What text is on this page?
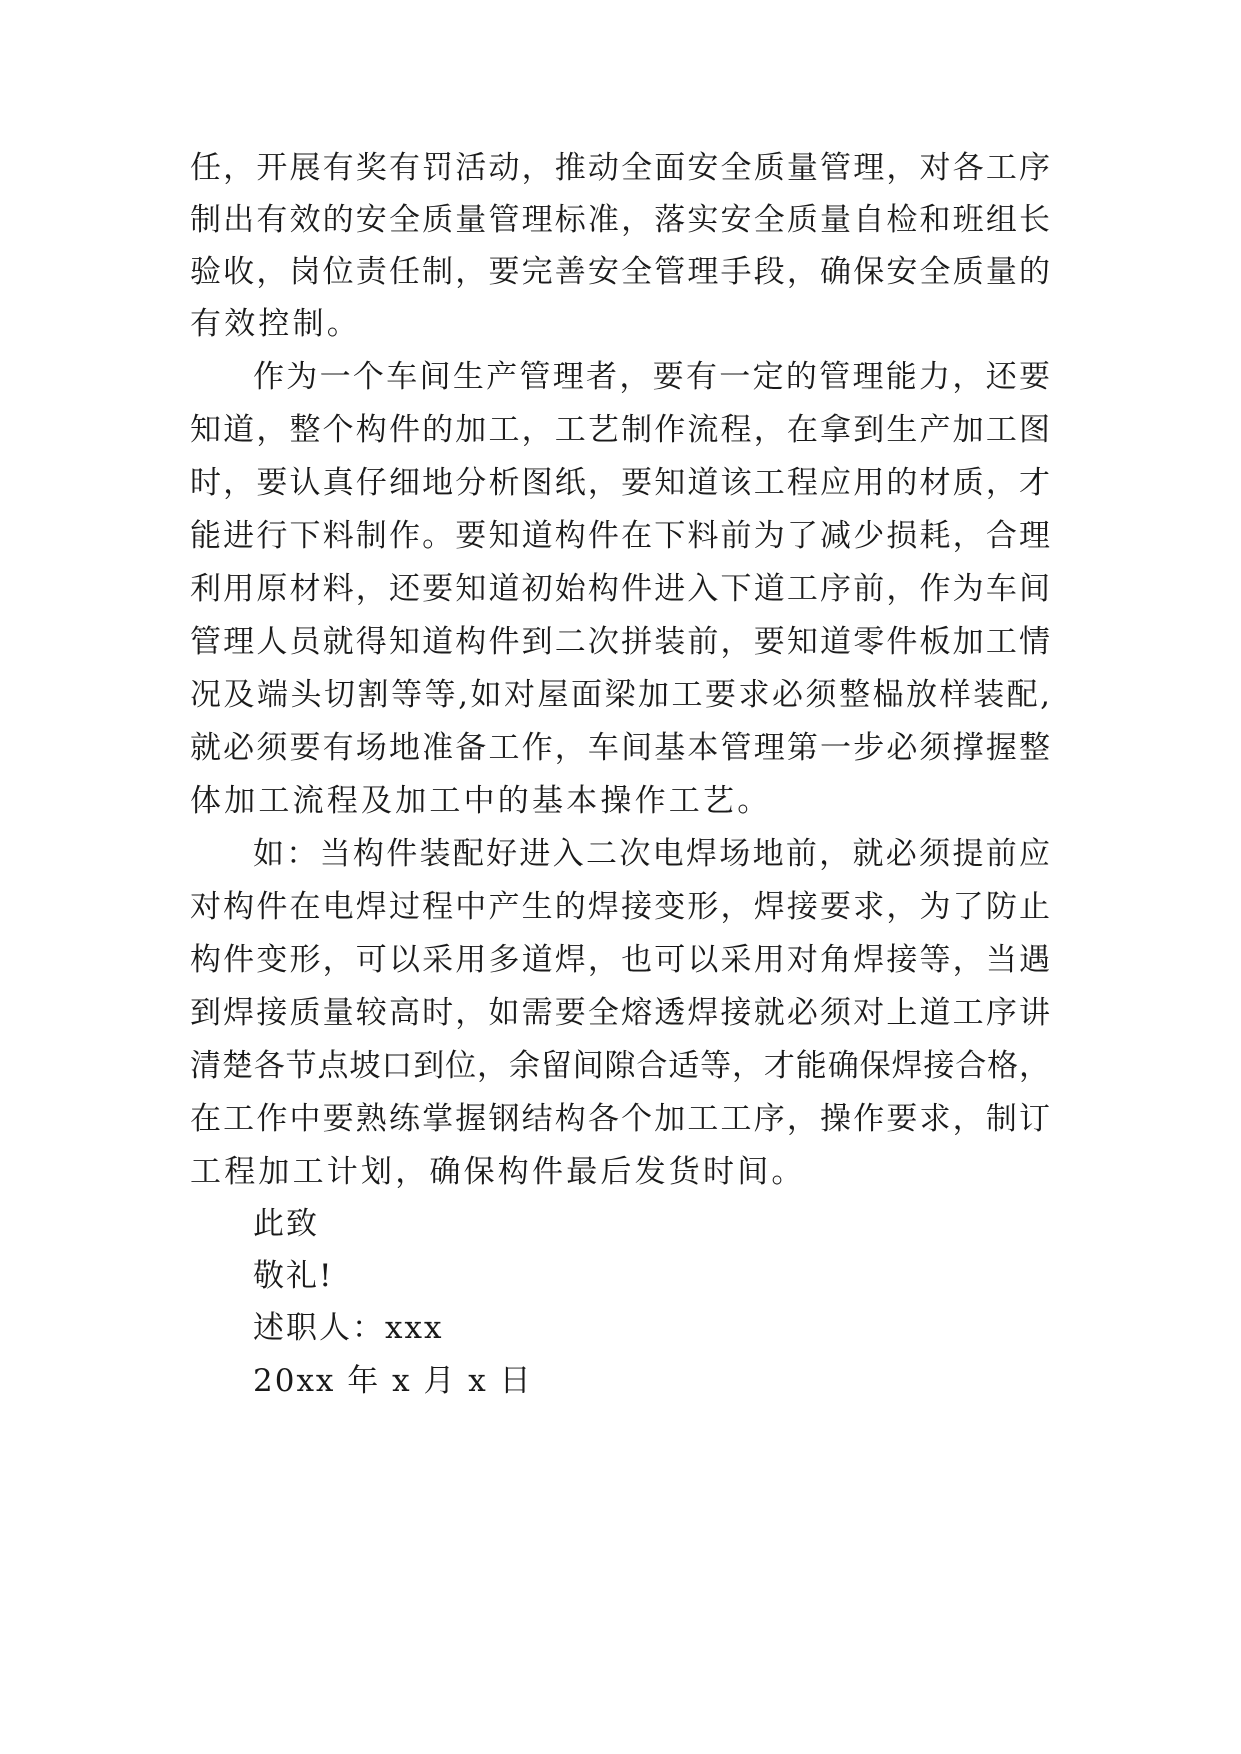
任，开展有奖有罚活动，推动全面安全质量管理，对各工序
制出有效的安全质量管理标准，落实安全质量自检和班组长
验收，岗位责任制，要完善安全管理手段，确保安全质量的
有效控制。
作为一个车间生产管理者，要有一定的管理能力，还要
知道，整个构件的加工，工艺制作流程，在拿到生产加工图
时，要认真仔细地分析图纸，要知道该工程应用的材质，才
能进行下料制作。要知道构件在下料前为了减少损耗，合理
利用原材料，还要知道初始构件进入下道工序前，作为车间
管理人员就得知道构件到二次拼装前，要知道零件板加工情
况及端头切割等等,如对屋面梁加工要求必须整榀放样装配,
就必须要有场地准备工作，车间基本管理第一步必须撑握整
体加工流程及加工中的基本操作工艺。
如：当构件装配好进入二次电焊场地前，就必须提前应
对构件在电焊过程中产生的焊接变形，焊接要求，为了防止
构件变形，可以采用多道焊，也可以采用对角焊接等，当遇
到焊接质量较高时，如需要全熔透焊接就必须对上道工序讲
清楚各节点坡口到位，余留间隙合适等，才能确保焊接合格，
在工作中要熟练掌握钢结构各个加工工序，操作要求，制订
工程加工计划，确保构件最后发货时间。
此致
敬礼!
述职人：xxx
20xx 年 x 月 x 日
